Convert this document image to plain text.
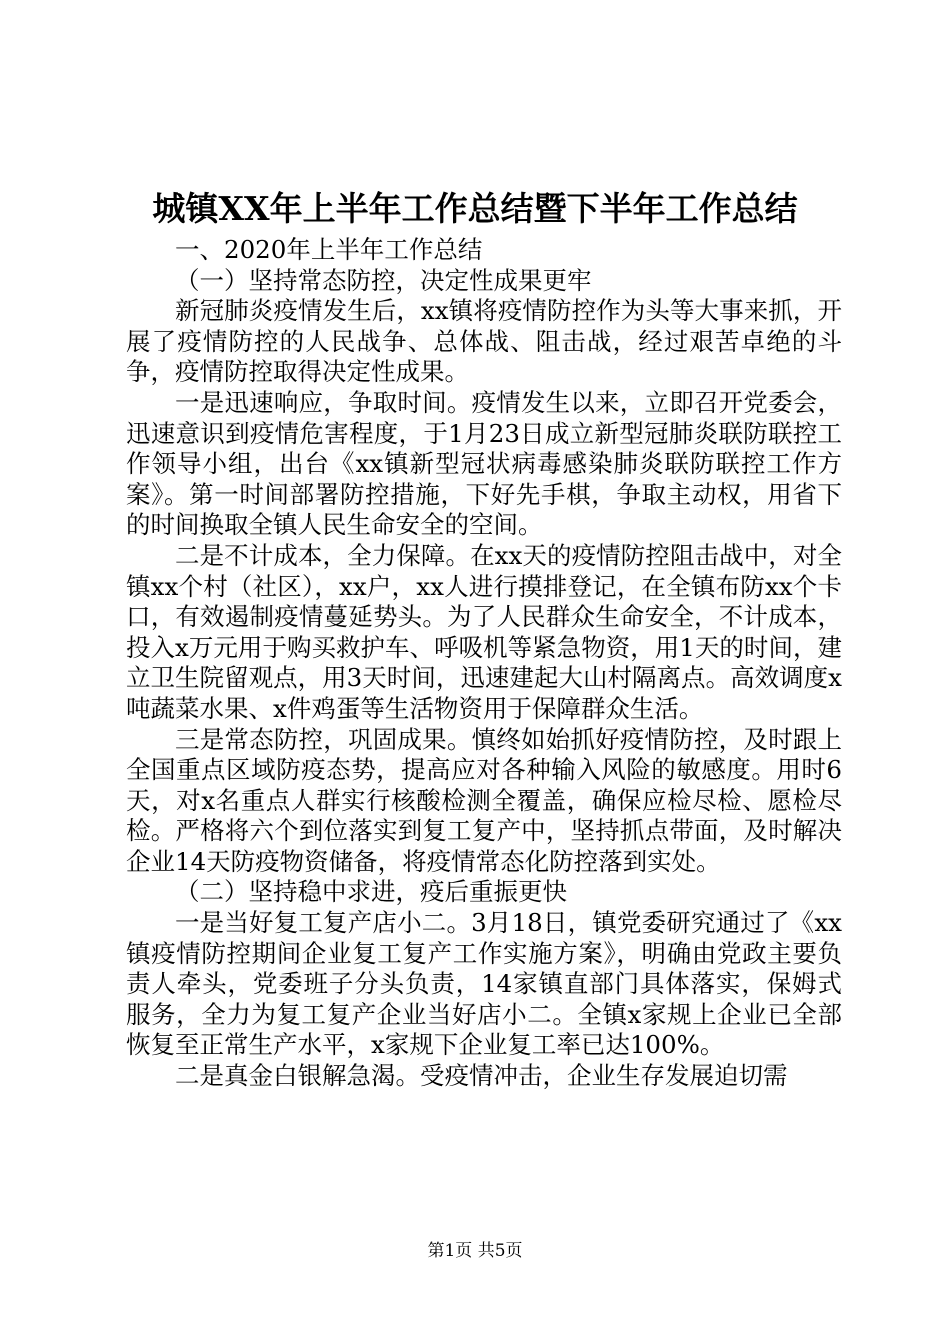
城镇XX年上半年工作总结暨下半年工作总结

一、2020年上半年工作总结

（一）坚持常态防控，决定性成果更牢

新冠肺炎疫情发生后，xx镇将疫情防控作为头等大事来抓，开展了疫情防控的人民战争、总体战、阻击战，经过艰苦卓绝的斗争，疫情防控取得决定性成果。

一是迅速响应，争取时间。疫情发生以来，立即召开党委会，迅速意识到疫情危害程度，于1月23日成立新型冠肺炎联防联控工作领导小组，出台《xx镇新型冠状病毒感染肺炎联防联控工作方案》。第一时间部署防控措施，下好先手棋，争取主动权，用省下的时间换取全镇人民生命安全的空间。

二是不计成本，全力保障。在xx天的疫情防控阻击战中，对全镇xx个村（社区），xx户，xx人进行摸排登记，在全镇布防xx个卡口，有效遏制疫情蔓延势头。为了人民群众生命安全，不计成本，投入x万元用于购买救护车、呼吸机等紧急物资，用1天的时间，建立卫生院留观点，用3天时间，迅速建起大山村隔离点。高效调度x吨蔬菜水果、x件鸡蛋等生活物资用于保障群众生活。

三是常态防控，巩固成果。慎终如始抓好疫情防控，及时跟上全国重点区域防疫态势，提高应对各种输入风险的敏感度。用时6天，对x名重点人群实行核酸检测全覆盖，确保应检尽检、愿检尽检。严格将六个到位落实到复工复产中，坚持抓点带面，及时解决企业14天防疫物资储备，将疫情常态化防控落到实处。

（二）坚持稳中求进，疫后重振更快

一是当好复工复产店小二。3月18日，镇党委研究通过了《xx镇疫情防控期间企业复工复产工作实施方案》，明确由党政主要负责人牵头，党委班子分头负责，14家镇直部门具体落实，保姆式服务，全力为复工复产企业当好店小二。全镇x家规上企业已全部恢复至正常生产水平，x家规下企业复工率已达100%。

二是真金白银解急渴。受疫情冲击，企业生存发展迫切需

第1页 共5页
